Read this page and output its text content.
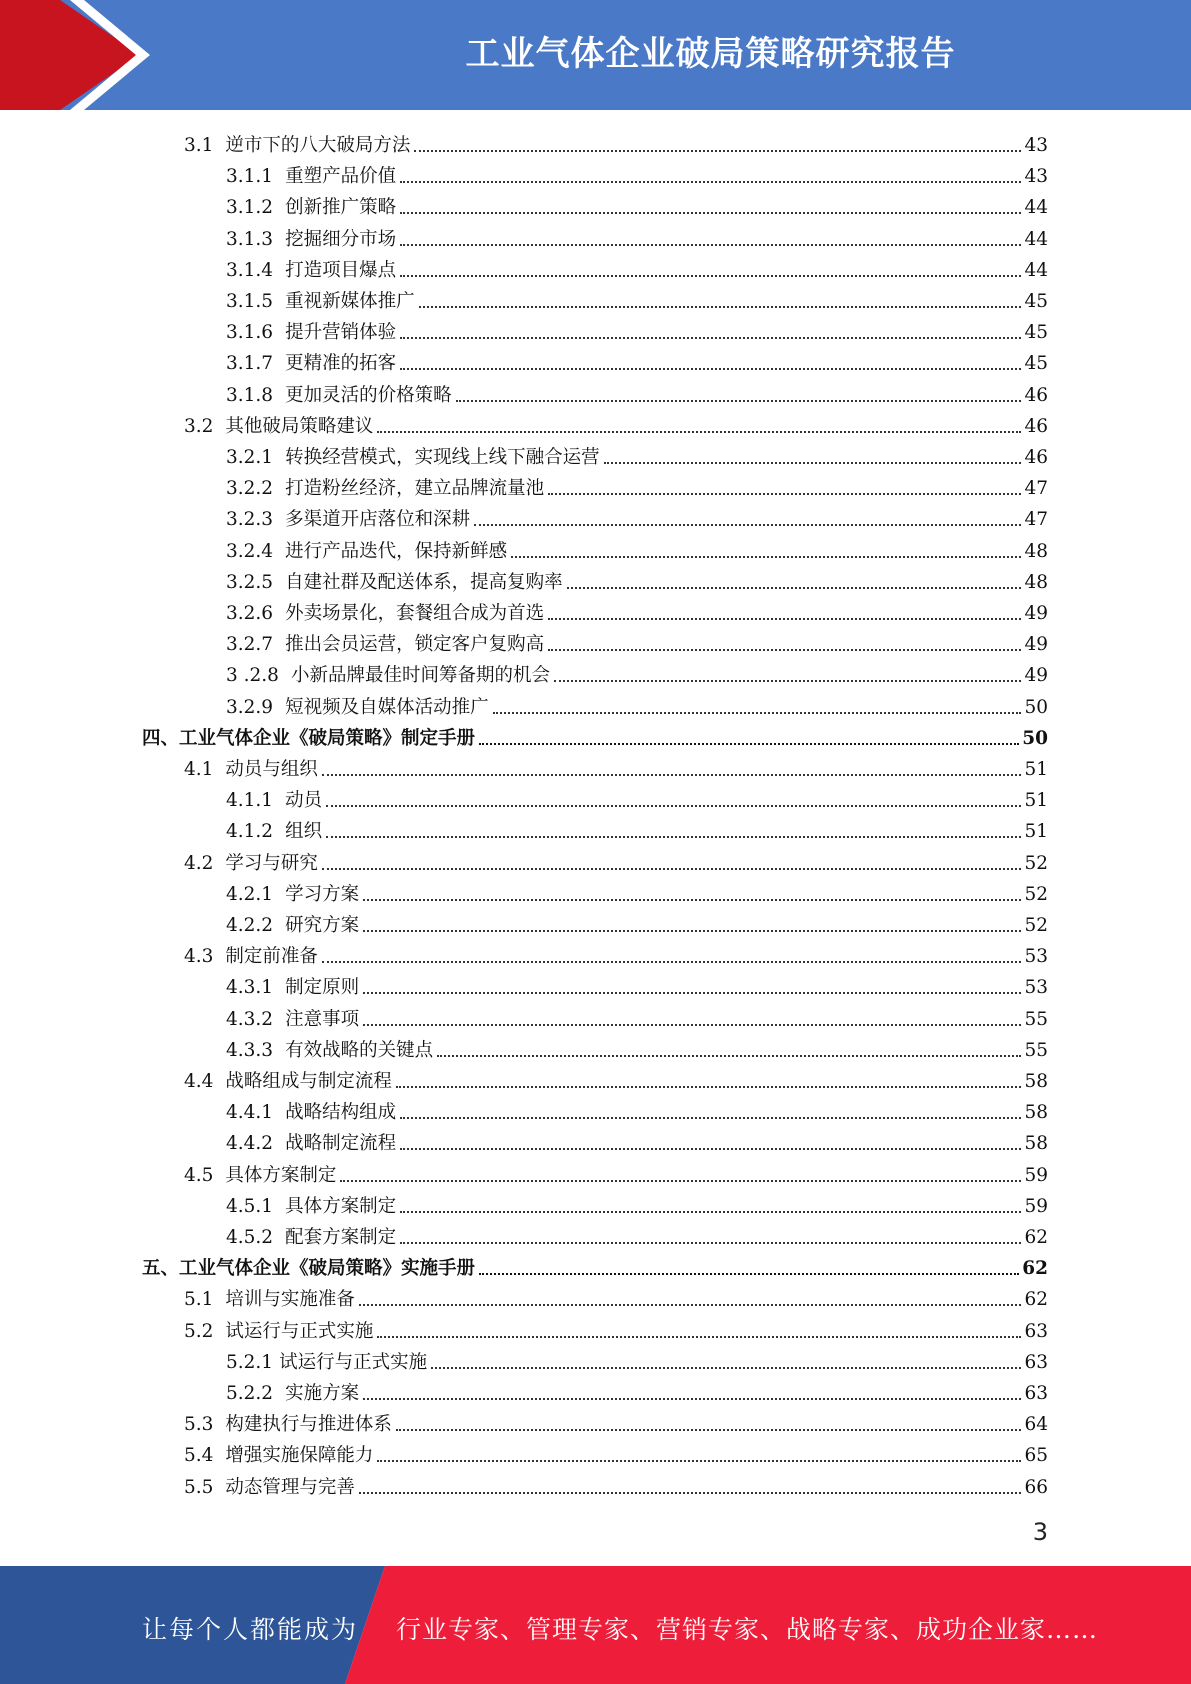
工业气体企业破局策略研究报告
3.1 逆市下的八大破局方法	43
3.1.1 重塑产品价值	43
3.1.2 创新推广策略	44
3.1.3 挖掘细分市场	44
3.1.4 打造项目爆点	44
3.1.5 重视新媒体推广	45
3.1.6 提升营销体验	45
3.1.7 更精准的拓客	45
3.1.8 更加灵活的价格策略	46
3.2 其他破局策略建议	46
3.2.1 转换经营模式，实现线上线下融合运营	46
3.2.2 打造粉丝经济，建立品牌流量池	47
3.2.3 多渠道开店落位和深耕	47
3.2.4 进行产品迭代，保持新鲜感	48
3.2.5 自建社群及配送体系，提高复购率	48
3.2.6 外卖场景化，套餐组合成为首选	49
3.2.7 推出会员运营，锁定客户复购高	49
3 .2.8 小新品牌最佳时间筹备期的机会	49
3.2.9 短视频及自媒体活动推广	50
四、工业气体企业《破局策略》制定手册	50
4.1 动员与组织	51
4.1.1 动员	51
4.1.2 组织	51
4.2 学习与研究	52
4.2.1 学习方案	52
4.2.2 研究方案	52
4.3 制定前准备	53
4.3.1 制定原则	53
4.3.2 注意事项	55
4.3.3 有效战略的关键点	55
4.4 战略组成与制定流程	58
4.4.1 战略结构组成	58
4.4.2 战略制定流程	58
4.5 具体方案制定	59
4.5.1 具体方案制定	59
4.5.2 配套方案制定	62
五、工业气体企业《破局策略》实施手册	62
5.1 培训与实施准备	62
5.2 试运行与正式实施	63
5.2.1 试运行与正式实施	63
5.2.2 实施方案	63
5.3 构建执行与推进体系	64
5.4 增强实施保障能力	65
5.5 动态管理与完善	66
3
让每个人都能成为 行业专家、管理专家、营销专家、战略专家、成功企业家……
